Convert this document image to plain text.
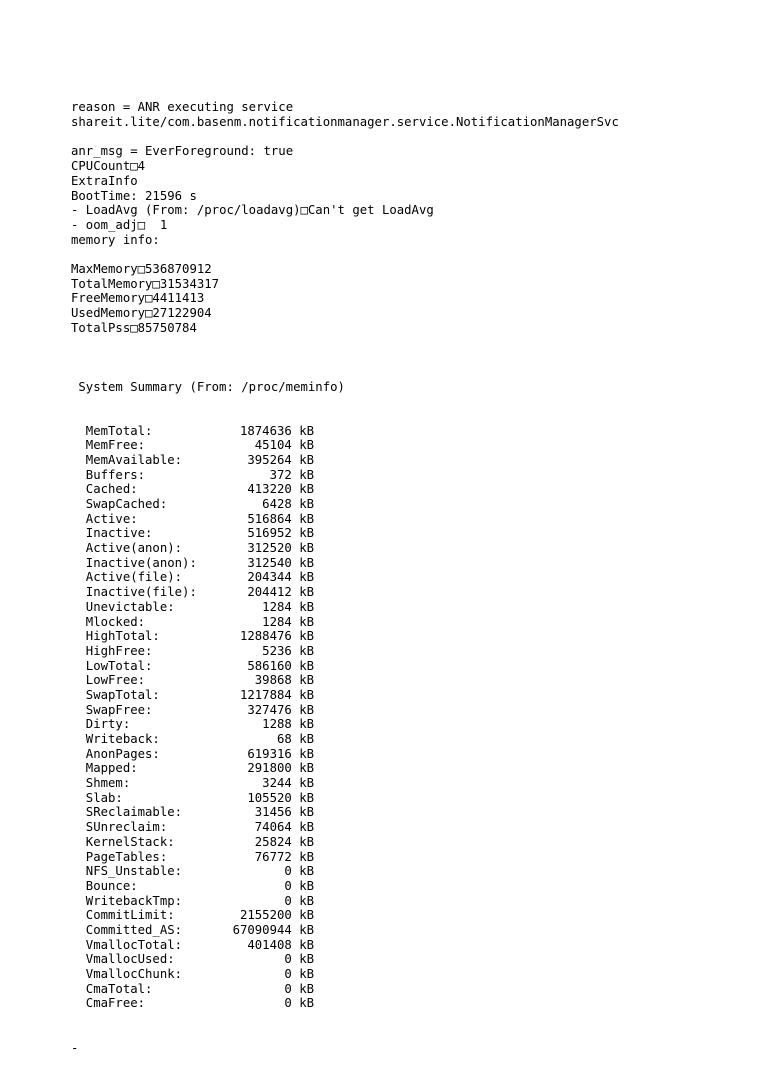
reason = ANR executing service
shareit.lite/com.basenm.notificationmanager.service.NotificationManagerSvc
anr_msg = EverForeground: true
CPUCount□4
ExtraInfo
BootTime: 21596 s
- LoadAvg (From: /proc/loadavg)□Can't get LoadAvg
- oom_adj□  1
memory info:
MaxMemory□536870912
TotalMemory□31534317
FreeMemory□4411413
UsedMemory□27122904
TotalPss□85750784

System Summary (From: /proc/meminfo)

MemTotal:	1874636 kB
MemFree:	45104 kB
MemAvailable:	395264 kB
Buffers:	372 kB
Cached:	413220 kB
SwapCached:	6428 kB
Active:	516864 kB
Inactive:	516952 kB
Active(anon):	312520 kB
Inactive(anon):	312540 kB
Active(file):	204344 kB
Inactive(file):	204412 kB
Unevictable:	1284 kB
Mlocked:	1284 kB
HighTotal:	1288476 kB
HighFree:	5236 kB
LowTotal:	586160 kB
LowFree:	39868 kB
SwapTotal:	1217884 kB
SwapFree:	327476 kB
Dirty:	1288 kB
Writeback:	68 kB
AnonPages:	619316 kB
Mapped:	291800 kB
Shmem:	3244 kB
Slab:	105520 kB
SReclaimable:	31456 kB
SUnreclaim:	74064 kB
KernelStack:	25824 kB
PageTables:	76772 kB
NFS_Unstable:	0 kB
Bounce:	0 kB
WritebackTmp:	0 kB
CommitLimit:	2155200 kB
Committed_AS:	67090944 kB
VmallocTotal:	401408 kB
VmallocUsed:	0 kB
VmallocChunk:	0 kB
CmaTotal:	0 kB
CmaFree:	0 kB

-
